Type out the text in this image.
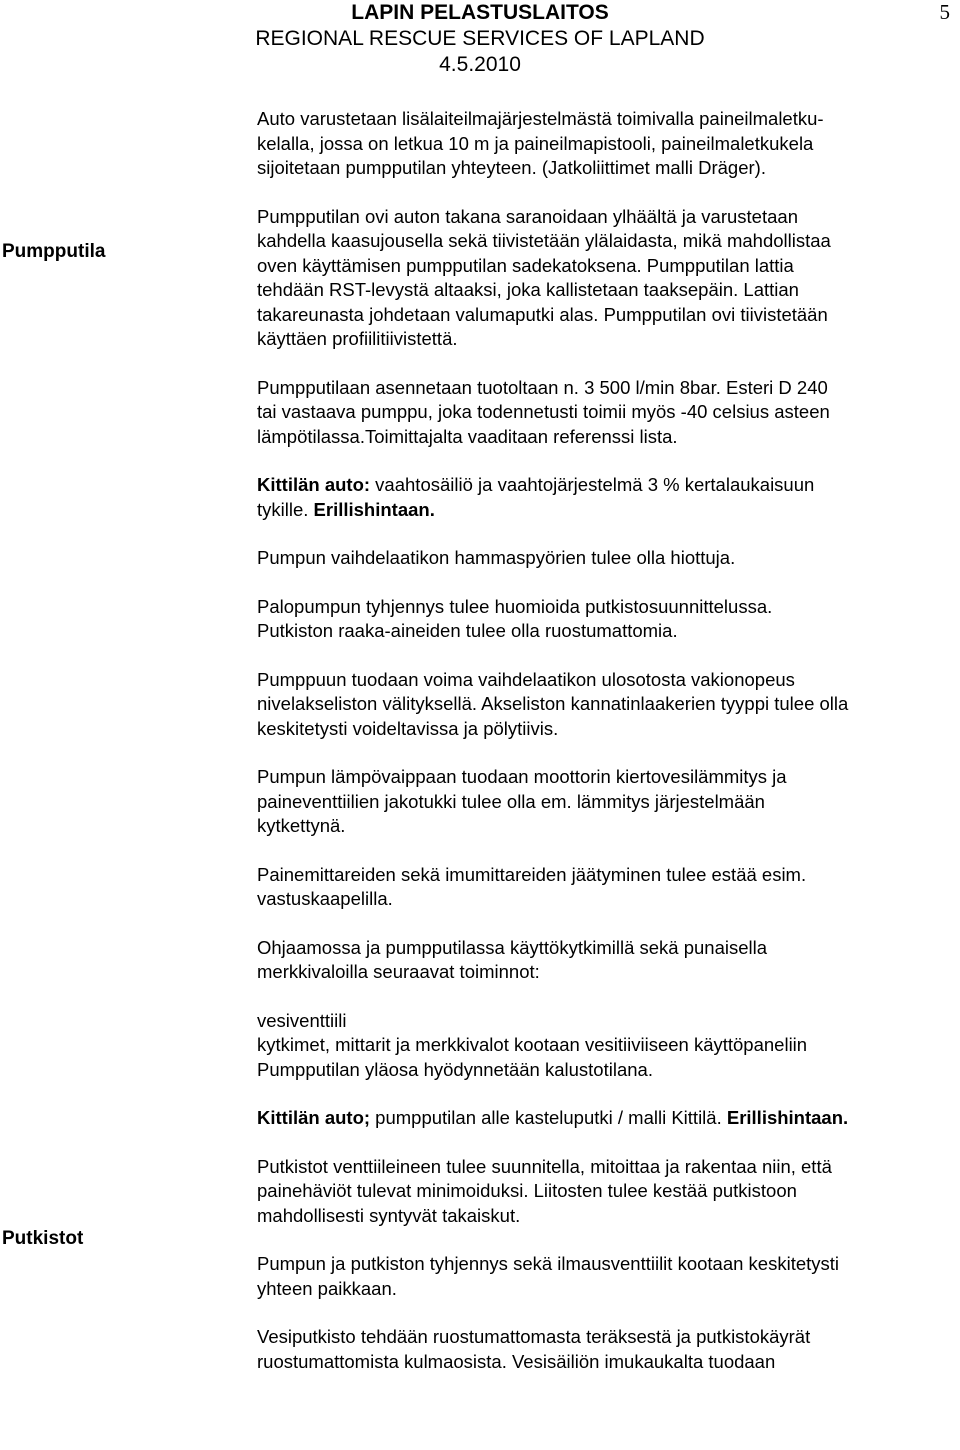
LAPIN PELASTUSLAITOS
REGIONAL RESCUE SERVICES OF LAPLAND
4.5.2010
5
Pumpputila
Putkistot

Auto varustetaan lisälaiteilmajärjestelmästä toimivalla paineilmaletku-
kelalla, jossa on letkua 10 m ja paineilmapistooli, paineilmaletkukela
sijoitetaan pumpputilan yhteyteen. (Jatkoliittimet malli Dräger).

Pumpputilan ovi auton takana saranoidaan ylhäältä ja varustetaan
kahdella kaasujousella sekä tiivistetään ylälaidasta, mikä mahdollistaa
oven käyttämisen pumpputilan sadekatoksena. Pumpputilan lattia
tehdään RST-levystä altaaksi, joka kallistetaan taaksepäin. Lattian
takareunasta johdetaan valumaputki alas. Pumpputilan ovi tiivistetään
käyttäen profiilitiivistettä.

Pumpputilaan asennetaan tuotoltaan n. 3 500 l/min 8bar. Esteri D 240
tai vastaava pumppu, joka todennetusti toimii myös -40 celsius asteen
lämpötilassa.Toimittajalta vaaditaan referenssi lista.

Kittilän auto: vaahtosäiliö ja vaahtojärjestelmä 3 % kertalaukaisuun
tykille. Erillishintaan.

Pumpun vaihdelaatikon hammaspyörien tulee olla hiottuja.

Palopumpun tyhjennys tulee huomioida putkistosuunnittelussa.
Putkiston raaka-aineiden tulee olla ruostumattomia.

Pumppuun tuodaan voima vaihdelaatikon ulosotosta vakionopeus
nivelakseliston välityksellä. Akseliston kannatinlaakerien tyyppi tulee olla
keskitetysti voideltavissa ja pölytiivis.

Pumpun lämpövaippaan tuodaan moottorin kiertovesilämmitys ja
paineventtiilien jakotukki tulee olla em. lämmitys järjestelmään
kytkettynä.

Painemittareiden sekä imumittareiden jäätyminen tulee estää esim.
vastuskaapelilla.

Ohjaamossa ja pumpputilassa käyttökytkimillä sekä punaisella
merkkivaloilla seuraavat toiminnot:

vesiventtiili
kytkimet, mittarit ja merkkivalot kootaan vesitiiviiseen käyttöpaneliin
Pumpputilan yläosa hyödynnetään kalustotilana.

Kittilän auto; pumpputilan alle kasteluputki / malli Kittilä. Erillishintaan.

Putkistot venttiileineen tulee suunnitella, mitoittaa ja rakentaa niin, että
painehäviöt tulevat minimoiduksi. Liitosten tulee kestää putkistoon
mahdollisesti syntyvät takaiskut.

Pumpun ja putkiston tyhjennys sekä ilmausventtiilit kootaan keskitetysti
yhteen paikkaan.

Vesiputkisto tehdään ruostumattomasta teräksestä ja putkistokäyrät
ruostumattomista kulmaosista. Vesisäiliön imukaukalta tuodaan
